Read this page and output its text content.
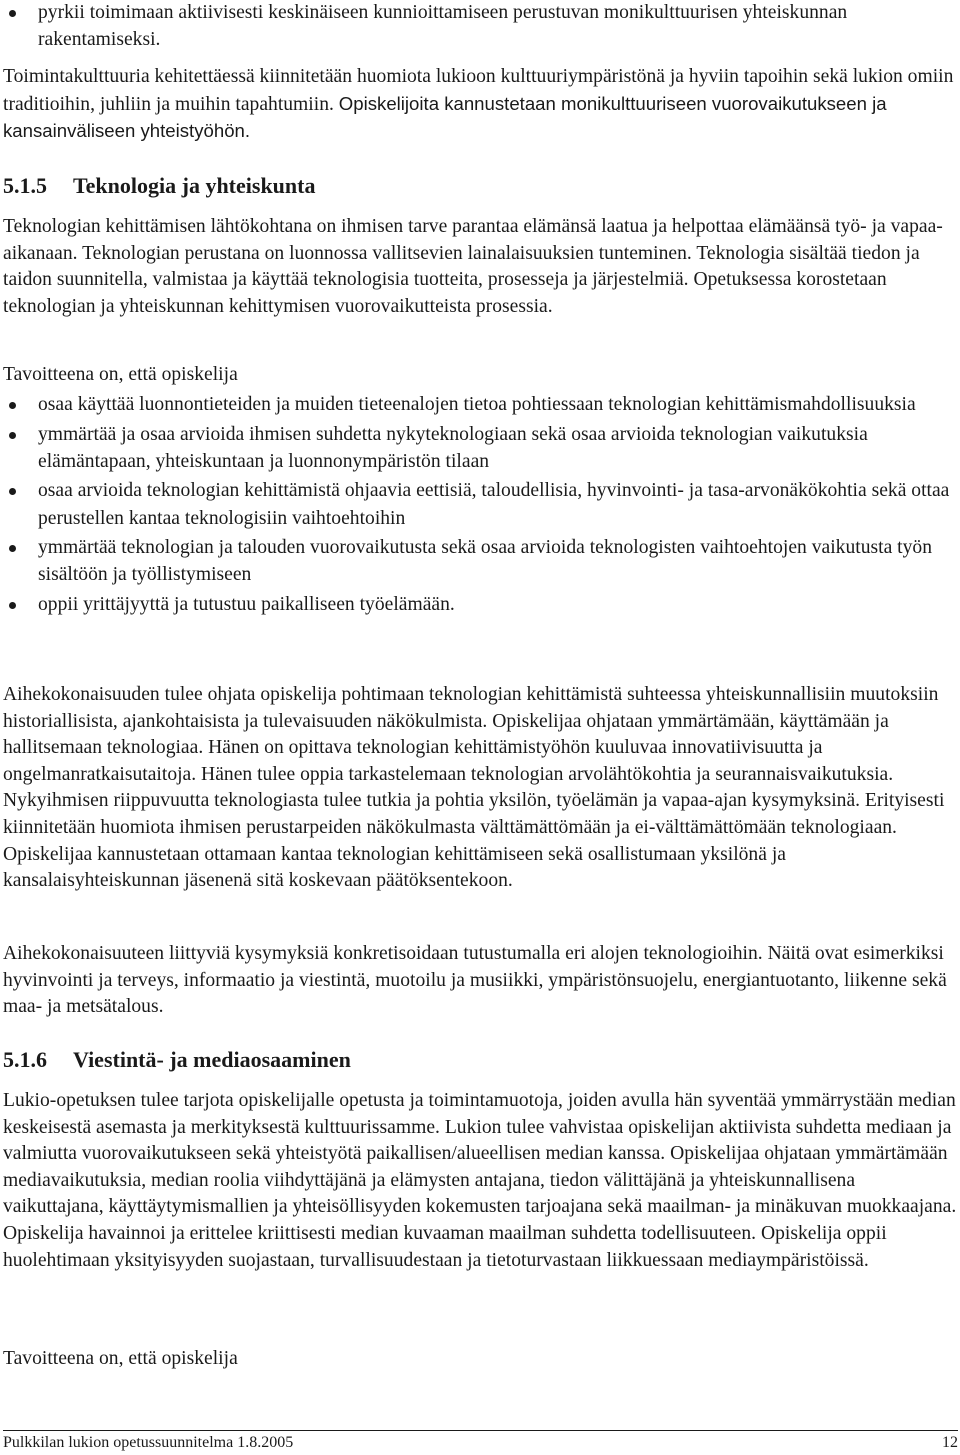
pyrkii toimimaan aktiivisesti keskinäiseen kunnioittamiseen perustuvan monikulttuurisen yhteiskunnan rakentamiseksi.

Toimintakulttuuria kehitettäessä kiinnitetään huomiota lukioon kulttuuriympäristönä ja hyviin tapoihin sekä lukion omiin traditioihin, juhliin ja muihin tapahtumiin. Opiskelijoita kannustetaan monikulttuuriseen vuorovaikutukseen ja kansainväliseen yhteistyöhön.

5.1.5 Teknologia ja yhteiskunta

Teknologian kehittämisen lähtökohtana on ihmisen tarve parantaa elämänsä laatua ja helpottaa elämäänsä työ- ja vapaa-aikanaan. Teknologian perustana on luonnossa vallitsevien lainalaisuuksien tunteminen. Teknologia sisältää tiedon ja taidon suunnitella, valmistaa ja käyttää teknologisia tuotteita, prosesseja ja järjestelmiä. Opetuksessa korostetaan teknologian ja yhteiskunnan kehittymisen vuorovaikutteista prosessia.

Tavoitteena on, että opiskelija

osaa käyttää luonnontieteiden ja muiden tieteenalojen tietoa pohtiessaan teknologian kehittämismahdollisuuksia
ymmärtää ja osaa arvioida ihmisen suhdetta nykyteknologiaan sekä osaa arvioida teknologian vaikutuksia elämäntapaan, yhteiskuntaan ja luonnonympäristön tilaan
osaa arvioida teknologian kehittämistä ohjaavia eettisiä, taloudellisia, hyvinvointi- ja tasa-arvonäkökohtia sekä ottaa perustellen kantaa teknologisiin vaihtoehtoihin
ymmärtää teknologian ja talouden vuorovaikutusta sekä osaa arvioida teknologisten vaihtoehtojen vaikutusta työn sisältöön ja työllistymiseen
oppii yrittäjyyttä ja tutustuu paikalliseen työelämään.

Aihekokonaisuuden tulee ohjata opiskelija pohtimaan teknologian kehittämistä suhteessa yhteiskunnallisiin muutoksiin historiallisista, ajankohtaisista ja tulevaisuuden näkökulmista. Opiskelijaa ohjataan ymmärtämään, käyttämään ja hallitsemaan teknologiaa. Hänen on opittava teknologian kehittämistyöhön kuuluvaa innovatiivisuutta ja ongelmanratkaisutaitoja. Hänen tulee oppia tarkastelemaan teknologian arvolähtökohtia ja seurannaisvaikutuksia. Nykyihmisen riippuvuutta teknologiasta tulee tutkia ja pohtia yksilön, työelämän ja vapaa-ajan kysymyksinä. Erityisesti kiinnitetään huomiota ihmisen perustarpeiden näkökulmasta välttämättömään ja ei-välttämättömään teknologiaan. Opiskelijaa kannustetaan ottamaan kantaa teknologian kehittämiseen sekä osallistumaan yksilönä ja kansalaisyhteiskunnan jäsenenä sitä koskevaan päätöksentekoon.

Aihekokonaisuuteen liittyviä kysymyksiä konkretisoidaan tutustumalla eri alojen teknologioihin. Näitä ovat esimerkiksi hyvinvointi ja terveys, informaatio ja viestintä, muotoilu ja musiikki, ympäristönsuojelu, energiantuotanto, liikenne sekä maa- ja metsätalous.

5.1.6 Viestintä- ja mediaosaaminen

Lukio-opetuksen tulee tarjota opiskelijalle opetusta ja toimintamuotoja, joiden avulla hän syventää ymmärrystään median keskeisestä asemasta ja merkityksestä kulttuurissamme. Lukion tulee vahvistaa opiskelijan aktiivista suhdetta mediaan ja valmiutta vuorovaikutukseen sekä yhteistyötä paikallisen/alueellisen median kanssa. Opiskelijaa ohjataan ymmärtämään mediavaikutuksia, median roolia viihdyttäjänä ja elämysten antajana, tiedon välittäjänä ja yhteiskunnallisena vaikuttajana, käyttäytymismallien ja yhteisöllisyyden kokemusten tarjoajana sekä maailman- ja minäkuvan muokkaajana. Opiskelija havainnoi ja erittelee kriittisesti median kuvaaman maailman suhdetta todellisuuteen. Opiskelija oppii huolehtimaan yksityisyyden suojastaan, turvallisuudestaan ja tietoturvastaan liikkuessaan mediaympäristöissä.

Tavoitteena on, että opiskelija

Pulkkilan lukion opetussuunnitelma 1.8.2005	12
